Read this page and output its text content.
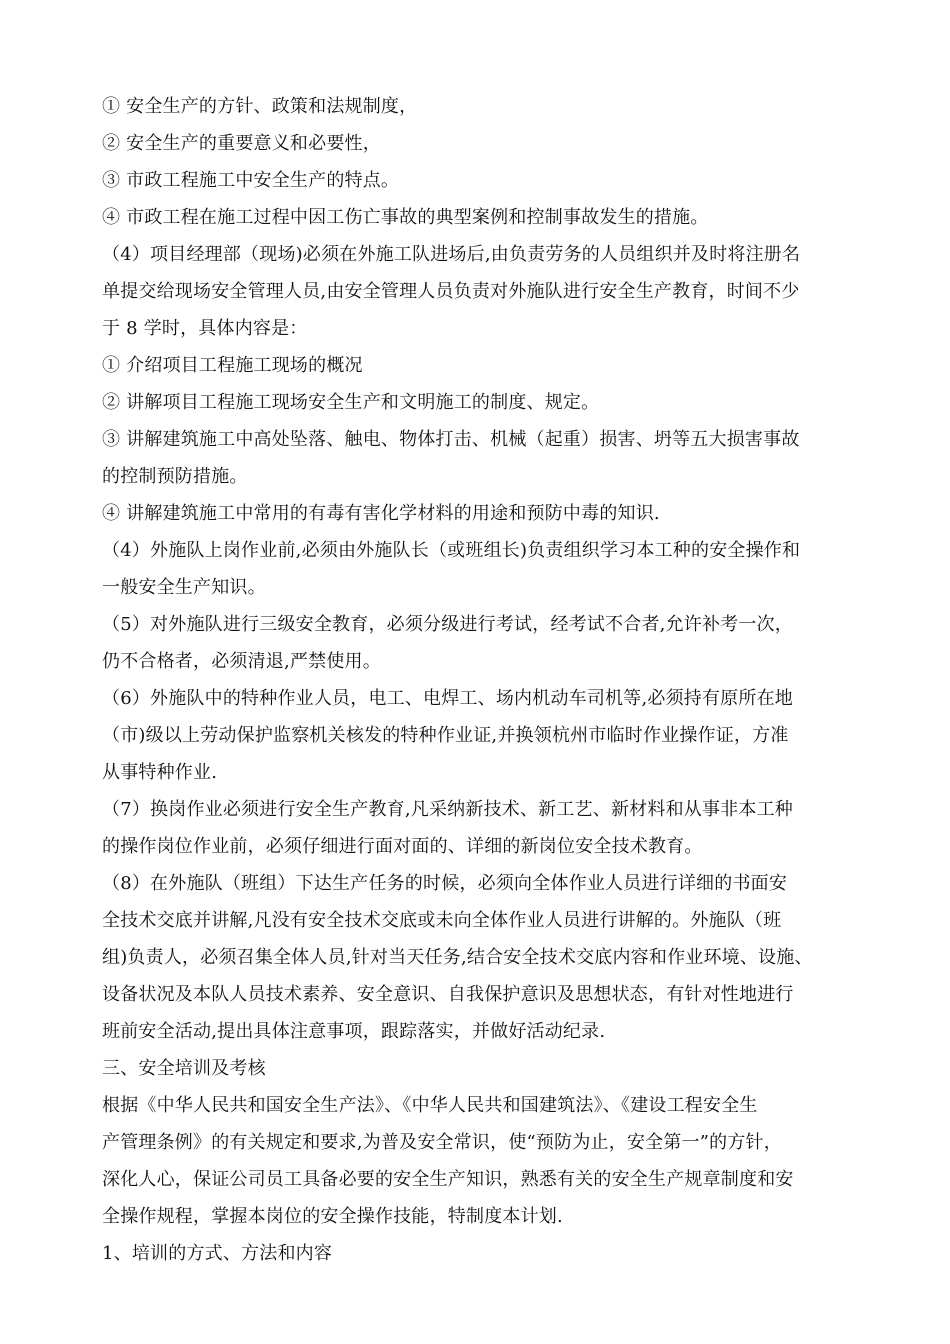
① 安全生产的方针、政策和法规制度，
② 安全生产的重要意义和必要性，
③ 市政工程施工中安全生产的特点。
④ 市政工程在施工过程中因工伤亡事故的典型案例和控制事故发生的措施。
（4）项目经理部（现场)必须在外施工队进场后,由负责劳务的人员组织并及时将注册名
单提交给现场安全管理人员,由安全管理人员负责对外施队进行安全生产教育，时间不少
于 8 学时，具体内容是：
① 介绍项目工程施工现场的概况
② 讲解项目工程施工现场安全生产和文明施工的制度、规定。
③ 讲解建筑施工中高处坠落、触电、物体打击、机械（起重）损害、坍等五大损害事故
的控制预防措施。
④ 讲解建筑施工中常用的有毒有害化学材料的用途和预防中毒的知识.
（4）外施队上岗作业前,必须由外施队长（或班组长)负责组织学习本工种的安全操作和
一般安全生产知识。
（5）对外施队进行三级安全教育，必须分级进行考试，经考试不合者,允许补考一次，
仍不合格者，必须清退,严禁使用。
（6）外施队中的特种作业人员，电工、电焊工、场内机动车司机等,必须持有原所在地
（市)级以上劳动保护监察机关核发的特种作业证,并换领杭州市临时作业操作证，方准
从事特种作业.
（7）换岗作业必须进行安全生产教育,凡采纳新技术、新工艺、新材料和从事非本工种
的操作岗位作业前，必须仔细进行面对面的、详细的新岗位安全技术教育。
（8）在外施队（班组）下达生产任务的时候，必须向全体作业人员进行详细的书面安
全技术交底并讲解,凡没有安全技术交底或未向全体作业人员进行讲解的。外施队（班
组)负责人，必须召集全体人员,针对当天任务,结合安全技术交底内容和作业环境、设施、
设备状况及本队人员技术素养、安全意识、自我保护意识及思想状态，有针对性地进行
班前安全活动,提出具体注意事项，跟踪落实，并做好活动纪录.
三、安全培训及考核
根据《中华人民共和国安全生产法》、《中华人民共和国建筑法》、《建设工程安全生
产管理条例》的有关规定和要求,为普及安全常识，使“预防为止，安全第一”的方针，
深化人心，保证公司员工具备必要的安全生产知识，熟悉有关的安全生产规章制度和安
全操作规程，掌握本岗位的安全操作技能，特制度本计划.
1、培训的方式、方法和内容
